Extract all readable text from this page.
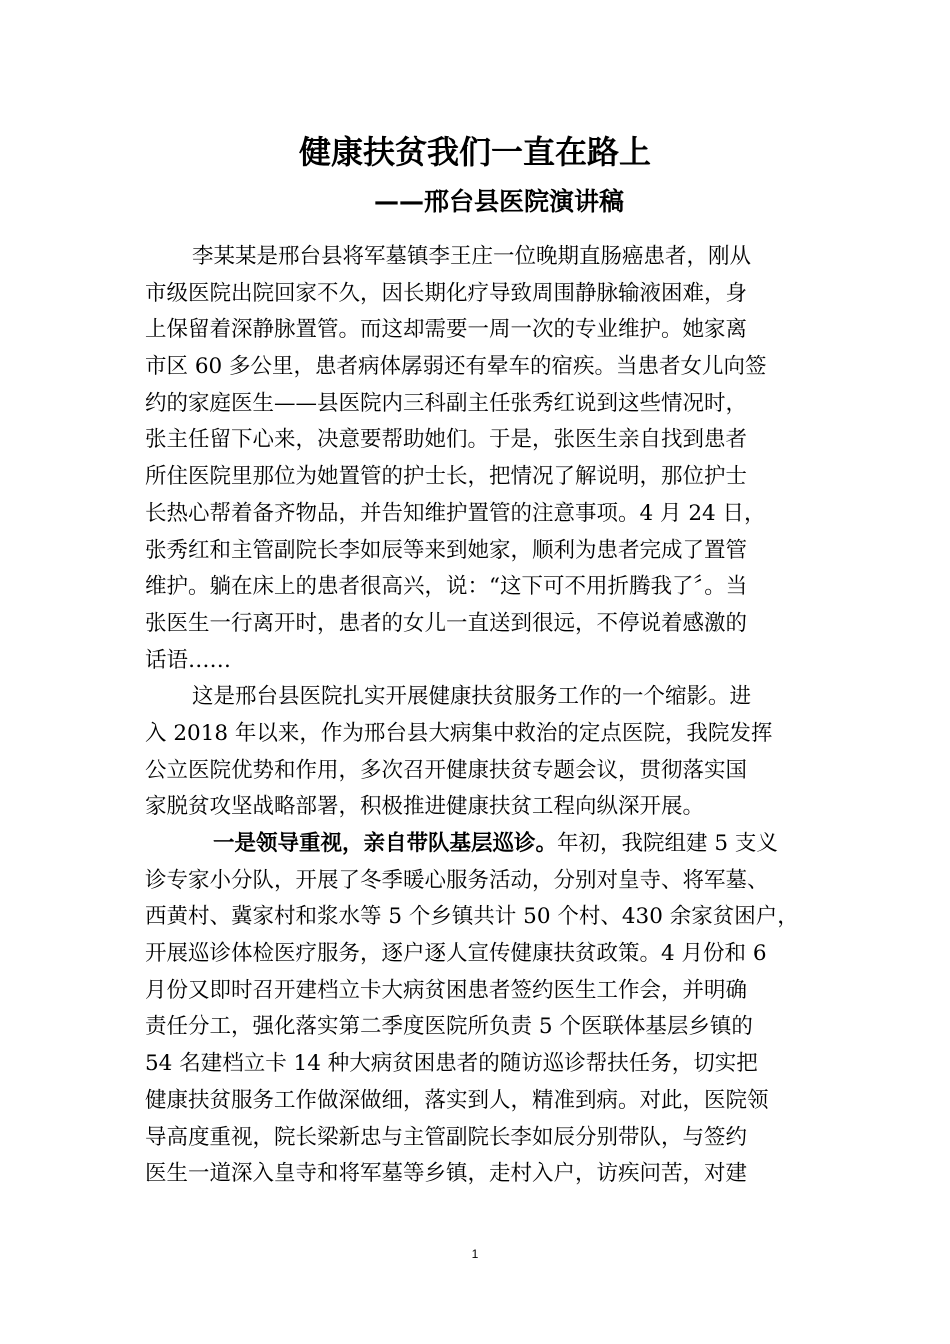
健康扶贫我们一直在路上
——邢台县医院演讲稿
李某某是邢台县将军墓镇李王庄一位晚期直肠癌患者，刚从
市级医院出院回家不久，因长期化疗导致周围静脉输液困难，身
上保留着深静脉置管。而这却需要一周一次的专业维护。她家离
市区 60 多公里，患者病体孱弱还有晕车的宿疾。当患者女儿向签
约的家庭医生——县医院内三科副主任张秀红说到这些情况时，
张主任留下心来，决意要帮助她们。于是，张医生亲自找到患者
所住医院里那位为她置管的护士长，把情况了解说明，那位护士
长热心帮着备齐物品，并告知维护置管的注意事项。4 月 24 日，
张秀红和主管副院长李如辰等来到她家，顺利为患者完成了置管
维护。躺在床上的患者很高兴，说：“这下可不用折腾我了〞。当
张医生一行离开时，患者的女儿一直送到很远，不停说着感激的
话语……
这是邢台县医院扎实开展健康扶贫服务工作的一个缩影。进
入 2018 年以来，作为邢台县大病集中救治的定点医院，我院发挥
公立医院优势和作用，多次召开健康扶贫专题会议，贯彻落实国
家脱贫攻坚战略部署，积极推进健康扶贫工程向纵深开展。
一是领导重视，亲自带队基层巡诊。年初，我院组建 5 支义
诊专家小分队，开展了冬季暖心服务活动，分别对皇寺、将军墓、
西黄村、冀家村和浆水等 5 个乡镇共计 50 个村、430 余家贫困户，
开展巡诊体检医疗服务，逐户逐人宣传健康扶贫政策。4 月份和 6
月份又即时召开建档立卡大病贫困患者签约医生工作会，并明确
责任分工，强化落实第二季度医院所负责 5 个医联体基层乡镇的
54 名建档立卡 14 种大病贫困患者的随访巡诊帮扶任务，切实把
健康扶贫服务工作做深做细，落实到人，精准到病。对此，医院领
导高度重视，院长梁新忠与主管副院长李如辰分别带队，与签约
医生一道深入皇寺和将军墓等乡镇，走村入户，访疾问苦，对建
1
